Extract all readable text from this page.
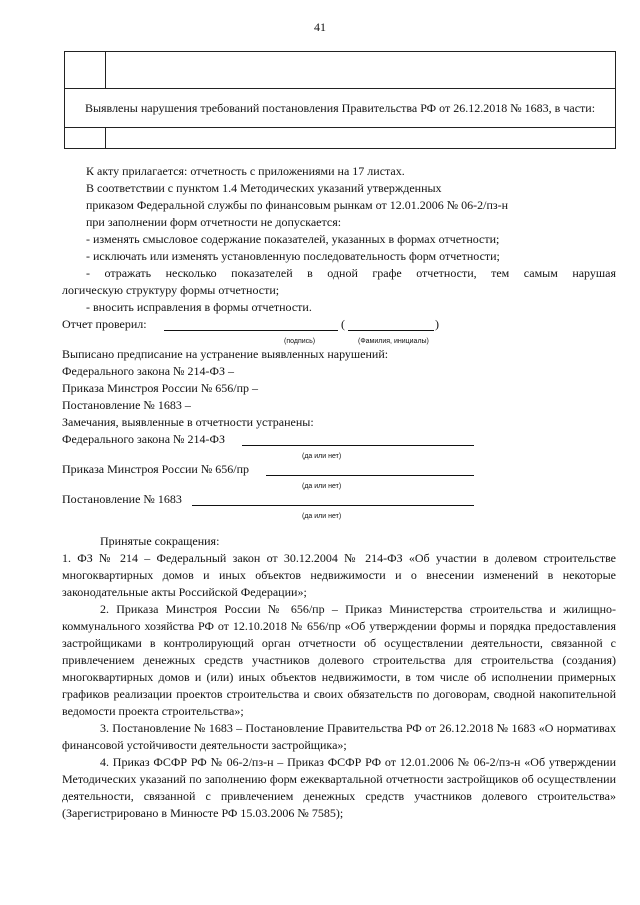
41

Выявлены нарушения требований постановления Правительства РФ от 26.12.2018 № 1683, в части:	

К акту прилагается: отчетность с приложениями на 17 листах.
В соответствии с пунктом 1.4 Методических указаний утвержденных
приказом Федеральной службы по финансовым рынкам от 12.01.2006 № 06-2/пз-н
при заполнении форм отчетности не допускается:
- изменять смысловое содержание показателей, указанных в формах отчетности;
- исключать или изменять установленную последовательность форм отчетности;
- отражать несколько показателей в одной графе отчетности, тем самым нарушая
логическую структуру формы отчетности;
- вносить исправления в формы отчетности.
Отчет проверил:	(	)
(подпись)	(Фамилия, инициалы)
Выписано предписание на устранение выявленных нарушений:
Федерального закона № 214-ФЗ –
Приказа Минстроя России № 656/пр –
Постановление № 1683 –
Замечания, выявленные в отчетности устранены:
Федерального закона № 214-ФЗ
(да или нет)
Приказа Минстроя России № 656/пр
(да или нет)
Постановление № 1683
(да или нет)
Принятые сокращения:
1. ФЗ № 214 – Федеральный закон от 30.12.2004 № 214-ФЗ «Об участии в долевом строительстве многоквартирных домов и иных объектов недвижимости и о внесении изменений в некоторые законодательные акты Российской Федерации»;
2. Приказа Минстроя России № 656/пр – Приказ Министерства строительства и жилищно-коммунального хозяйства РФ от 12.10.2018 № 656/пр «Об утверждении формы и порядка предоставления застройщиками в контролирующий орган отчетности об осуществлении деятельности, связанной с привлечением денежных средств участников долевого строительства для строительства (создания) многоквартирных домов и (или) иных объектов недвижимости, в том числе об исполнении примерных графиков реализации проектов строительства и своих обязательств по договорам, сводной накопительной ведомости проекта строительства»;
3. Постановление № 1683 – Постановление Правительства РФ от 26.12.2018 № 1683 «О нормативах финансовой устойчивости деятельности застройщика»;
4. Приказ ФСФР РФ № 06-2/пз-н – Приказ ФСФР РФ от 12.01.2006 № 06-2/пз-н «Об утверждении Методических указаний по заполнению форм ежеквартальной отчетности застройщиков об осуществлении деятельности, связанной с привлечением денежных средств участников долевого строительства» (Зарегистрировано в Минюсте РФ 15.03.2006 № 7585);
